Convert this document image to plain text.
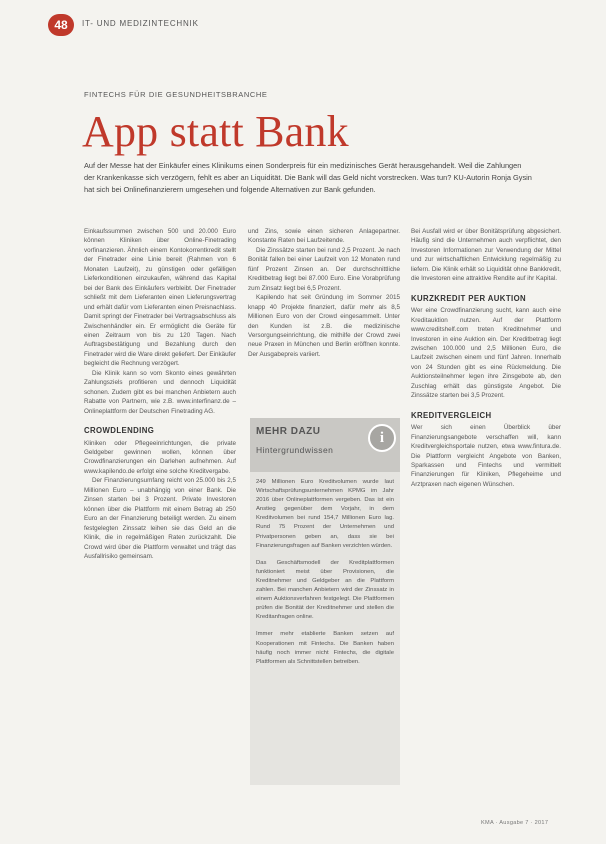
48	IT- UND MEDIZINTECHNIK
FINTECHS FÜR DIE GESUNDHEITSBRANCHE
App statt Bank
Auf der Messe hat der Einkäufer eines Klinikums einen Sonderpreis für ein medizinisches Gerät herausgehandelt. Weil die Zahlungen der Krankenkasse sich verzögern, fehlt es aber an Liquidität. Die Bank will das Geld nicht vorstrecken. Was tun? KU-Autorin Ronja Gysin hat sich bei Onlinefinanzierern umgesehen und folgende Alternativen zur Bank gefunden.

Einkaufssummen zwischen 500 und 20.000 Euro können Kliniken über Online-Finetrading vorfinanzieren. Ähnlich einem Kontokorrentkredit stellt der Finetrader eine Linie bereit (Rahmen von 6 Monaten Laufzeit), zu günstigen oder gefälligen Lieferkonditionen einzukaufen, während das Kapital bei der Bank des Einkäufers verbleibt. Der Finetrader schließt mit dem Lieferanten einen Lieferungsvertrag und erhält dafür vom Lieferanten einen Preisnachlass. Damit springt der Finetrader bei Vertragsabschluss als Zwischenhändler ein. Er ermöglicht die Geräte für einen Zeitraum von bis zu 120 Tagen. Nach Auftragsbestätigung und Bezahlung durch den Finetrader wird die Ware direkt geliefert. Der Einkäufer begleicht die Rechnung verzögert.

Die Klinik kann so vom Skonto eines gewährten Zahlungsziels profitieren und dennoch Liquidität schonen. Zudem gibt es bei manchen Anbietern auch Rabatte von Partnern, wie z.B. www.interfinanz.de – Onlineplattform der Deutschen Finetrading AG.

CROWDLENDING

Kliniken oder Pflegeeinrichtungen, die private Geldgeber gewinnen wollen, können über Crowdfinanzierungen ein Darlehen aufnehmen. Auf www.kapilendo.de erfolgt eine solche Kreditvergabe.

Der Finanzierungsumfang reicht von 25.000 bis 2,5 Millionen Euro – unabhängig von einer Bank. Die Zinsen starten bei 3 Prozent. Private Investoren können über die Plattform mit einem Betrag ab 250 Euro an der Finanzierung beteiligt werden. Zu einem festgelegten Zinssatz leihen sie das Geld an die Klinik, die in regelmäßigen Raten zurückzahlt. Die Crowd wird über die Plattform verwaltet und trägt das Ausfallrisiko gemeinsam.

und Zins, sowie einen sicheren Anlagepartner. Konstante Raten bei Laufzeitende.

Die Zinssätze starten bei rund 2,5 Prozent. Je nach Bonität fallen bei einer Laufzeit von 12 Monaten rund fünf Prozent Zinsen an. Der durchschnittliche Kreditbetrag liegt bei 87.000 Euro. Eine Vorabprüfung zum Zinsatz liegt bei 6,5 Prozent.

Kapilendo hat seit Gründung im Sommer 2015 knapp 40 Projekte finanziert, dafür mehr als 8,5 Millionen Euro von der Crowd eingesammelt. Unter den Kunden ist z.B. die medizinische Versorgungseinrichtung, die mithilfe der Crowd zwei neue Praxen in München und Berlin eröffnen konnte. Der Ausgabepreis variiert.

MEHR DAZU
Hintergrundwissen
i

249 Millionen Euro Kreditvolumen wurde laut Wirtschaftsprüfungsunternehmen KPMG im Jahr 2016 über Onlineplattformen vergeben. Das ist ein Anstieg gegenüber dem Vorjahr, in dem Kreditvolumen bei rund 154,7 Millionen Euro lag. Rund 75 Prozent der Unternehmen und Privatpersonen geben an, dass sie bei Finanzierungsfragen auf Banken verzichten würden.

Das Geschäftsmodell der Kreditplattformen funktioniert meist über Provisionen, die Kreditnehmer und Geldgeber an die Plattform zahlen. Bei manchen Anbietern wird der Zinssatz in einem Auktionsverfahren festgelegt. Die Plattformen prüfen die Bonität der Kreditnehmer und stellen die Kreditanfragen online.

Immer mehr etablierte Banken setzen auf Kooperationen mit Fintechs. Die Banken haben häufig noch immer nicht Fintechs, die digitale Plattformen als Schnittstellen betreiben.

Bei Ausfall wird er über Bonitätsprüfung abgesichert. Häufig sind die Unternehmen auch verpflichtet, den Investoren Informationen zur Verwendung der Mittel und zur wirtschaftlichen Entwicklung regelmäßig zu liefern. Die Klinik erhält so Liquidität ohne Bankkredit, die Investoren eine attraktive Rendite auf ihr Kapital.

KURZKREDIT PER AUKTION

Wer eine Crowdfinanzierung sucht, kann auch eine Kreditauktion nutzen. Auf der Plattform www.creditshelf.com treten Kreditnehmer und Investoren in eine Auktion ein. Der Kreditbetrag liegt zwischen 100.000 und 2,5 Millionen Euro, die Laufzeit zwischen einem und fünf Jahren. Innerhalb von 24 Stunden gibt es eine Rückmeldung. Die Auktionsteilnehmer legen ihre Zinsgebote ab, den Zuschlag erhält das günstigste Angebot. Die Zinssätze starten bei 3,5 Prozent.

KREDITVERGLEICH

Wer sich einen Überblick über Finanzierungsangebote verschaffen will, kann Kreditvergleichsportale nutzen, etwa www.fintura.de. Die Plattform vergleicht Angebote von Banken, Sparkassen und Fintechs und vermittelt Finanzierungen für Kliniken, Pflegeheime und Arztpraxen nach eigenen Wünschen.

KMA · Ausgabe 7 · 2017
